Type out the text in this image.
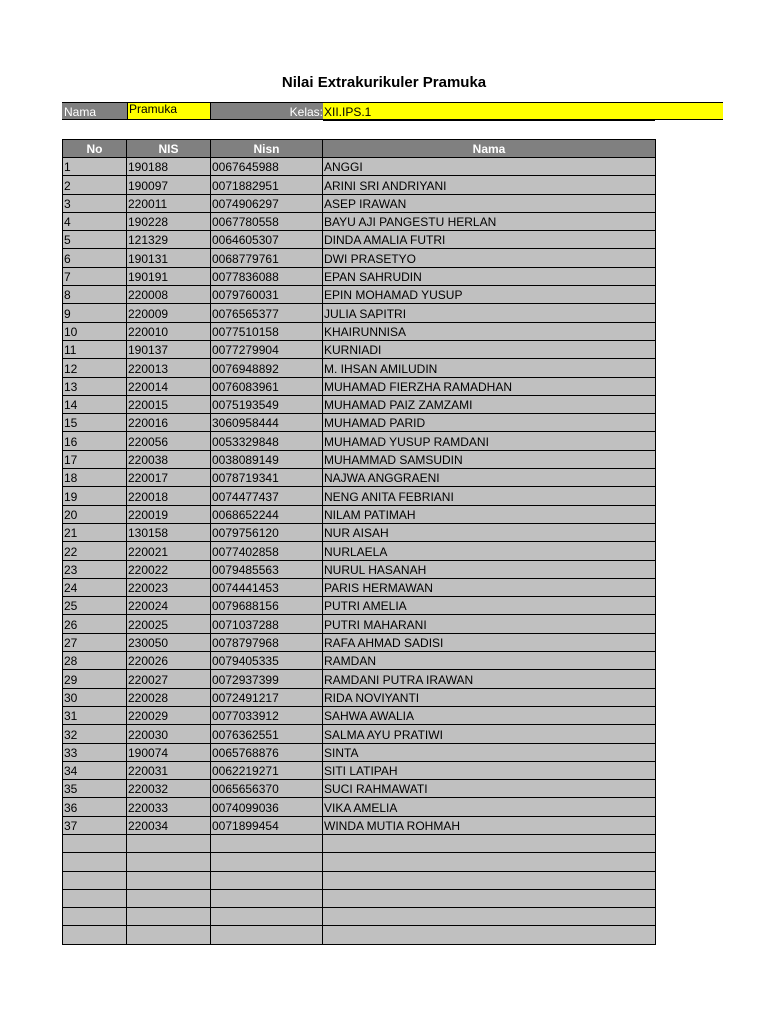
Nilai Extrakurikuler Pramuka
Nama	Pramuka	Kelas: XII.IPS.1
No	NIS	Nisn	Nama
1	190188	0067645988	ANGGI
2	190097	0071882951	ARINI SRI ANDRIYANI
3	220011	0074906297	ASEP IRAWAN
4	190228	0067780558	BAYU AJI PANGESTU HERLAN
5	121329	0064605307	DINDA AMALIA FUTRI
6	190131	0068779761	DWI PRASETYO
7	190191	0077836088	EPAN SAHRUDIN
8	220008	0079760031	EPIN MOHAMAD YUSUP
9	220009	0076565377	JULIA SAPITRI
10	220010	0077510158	KHAIRUNNISA
11	190137	0077279904	KURNIADI
12	220013	0076948892	M. IHSAN AMILUDIN
13	220014	0076083961	MUHAMAD FIERZHA RAMADHAN
14	220015	0075193549	MUHAMAD PAIZ ZAMZAMI
15	220016	3060958444	MUHAMAD PARID
16	220056	0053329848	MUHAMAD YUSUP RAMDANI
17	220038	0038089149	MUHAMMAD SAMSUDIN
18	220017	0078719341	NAJWA ANGGRAENI
19	220018	0074477437	NENG ANITA FEBRIANI
20	220019	0068652244	NILAM PATIMAH
21	130158	0079756120	NUR AISAH
22	220021	0077402858	NURLAELA
23	220022	0079485563	NURUL HASANAH
24	220023	0074441453	PARIS HERMAWAN
25	220024	0079688156	PUTRI AMELIA
26	220025	0071037288	PUTRI MAHARANI
27	230050	0078797968	RAFA AHMAD SADISI
28	220026	0079405335	RAMDAN
29	220027	0072937399	RAMDANI PUTRA IRAWAN
30	220028	0072491217	RIDA NOVIYANTI
31	220029	0077033912	SAHWA AWALIA
32	220030	0076362551	SALMA AYU PRATIWI
33	190074	0065768876	SINTA
34	220031	0062219271	SITI LATIPAH
35	220032	0065656370	SUCI RAHMAWATI
36	220033	0074099036	VIKA AMELIA
37	220034	0071899454	WINDA MUTIA ROHMAH
